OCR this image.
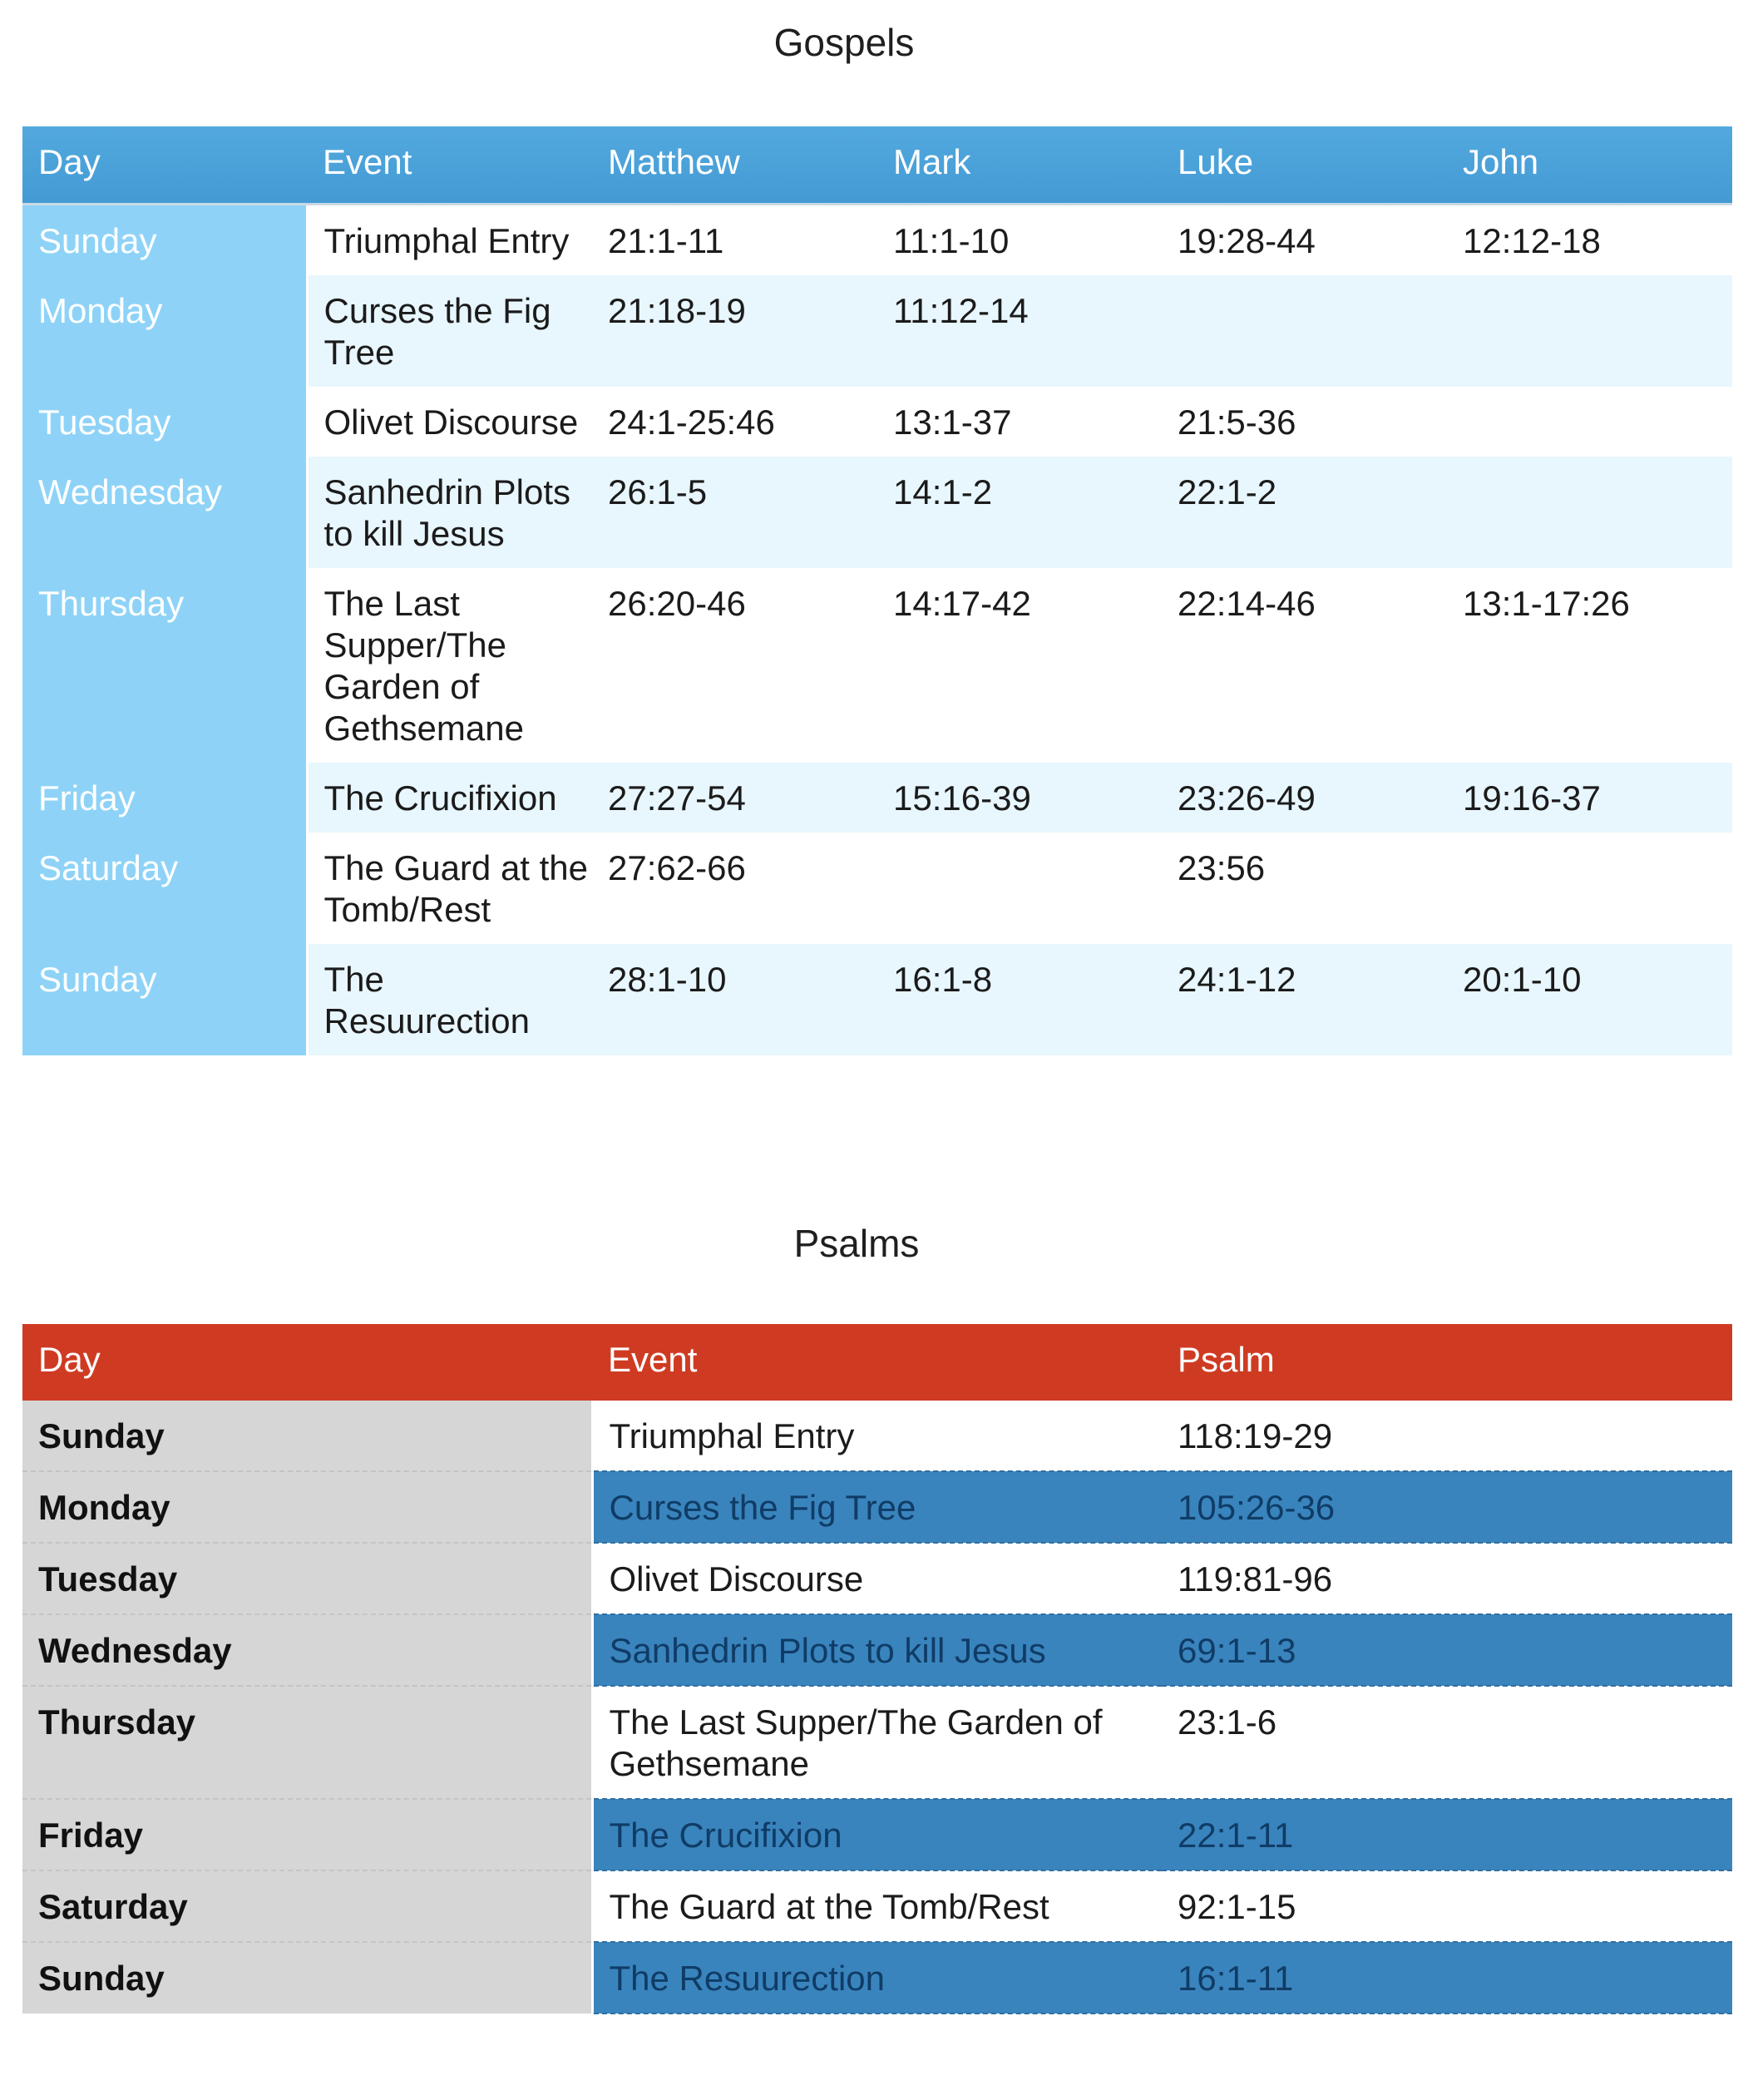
Gospels
Day	Event	Matthew	Mark	Luke	John
Sunday	Triumphal Entry	21:1-11	11:1-10	19:28-44	12:12-18
Monday	Curses the Fig Tree	21:18-19	11:12-14		
Tuesday	Olivet Discourse	24:1-25:46	13:1-37	21:5-36	
Wednesday	Sanhedrin Plots to kill Jesus	26:1-5	14:1-2	22:1-2	
Thursday	The Last Supper/The Garden of Gethsemane	26:20-46	14:17-42	22:14-46	13:1-17:26
Friday	The Crucifixion	27:27-54	15:16-39	23:26-49	19:16-37
Saturday	The Guard at the Tomb/Rest	27:62-66		23:56	
Sunday	The Resuurection	28:1-10	16:1-8	24:1-12	20:1-10
Psalms
Day	Event	Psalm
Sunday	Triumphal Entry	118:19-29
Monday	Curses the Fig Tree	105:26-36
Tuesday	Olivet Discourse	119:81-96
Wednesday	Sanhedrin Plots to kill Jesus	69:1-13
Thursday	The Last Supper/The Garden of Gethsemane	23:1-6
Friday	The Crucifixion	22:1-11
Saturday	The Guard at the Tomb/Rest	92:1-15
Sunday	The Resuurection	16:1-11
